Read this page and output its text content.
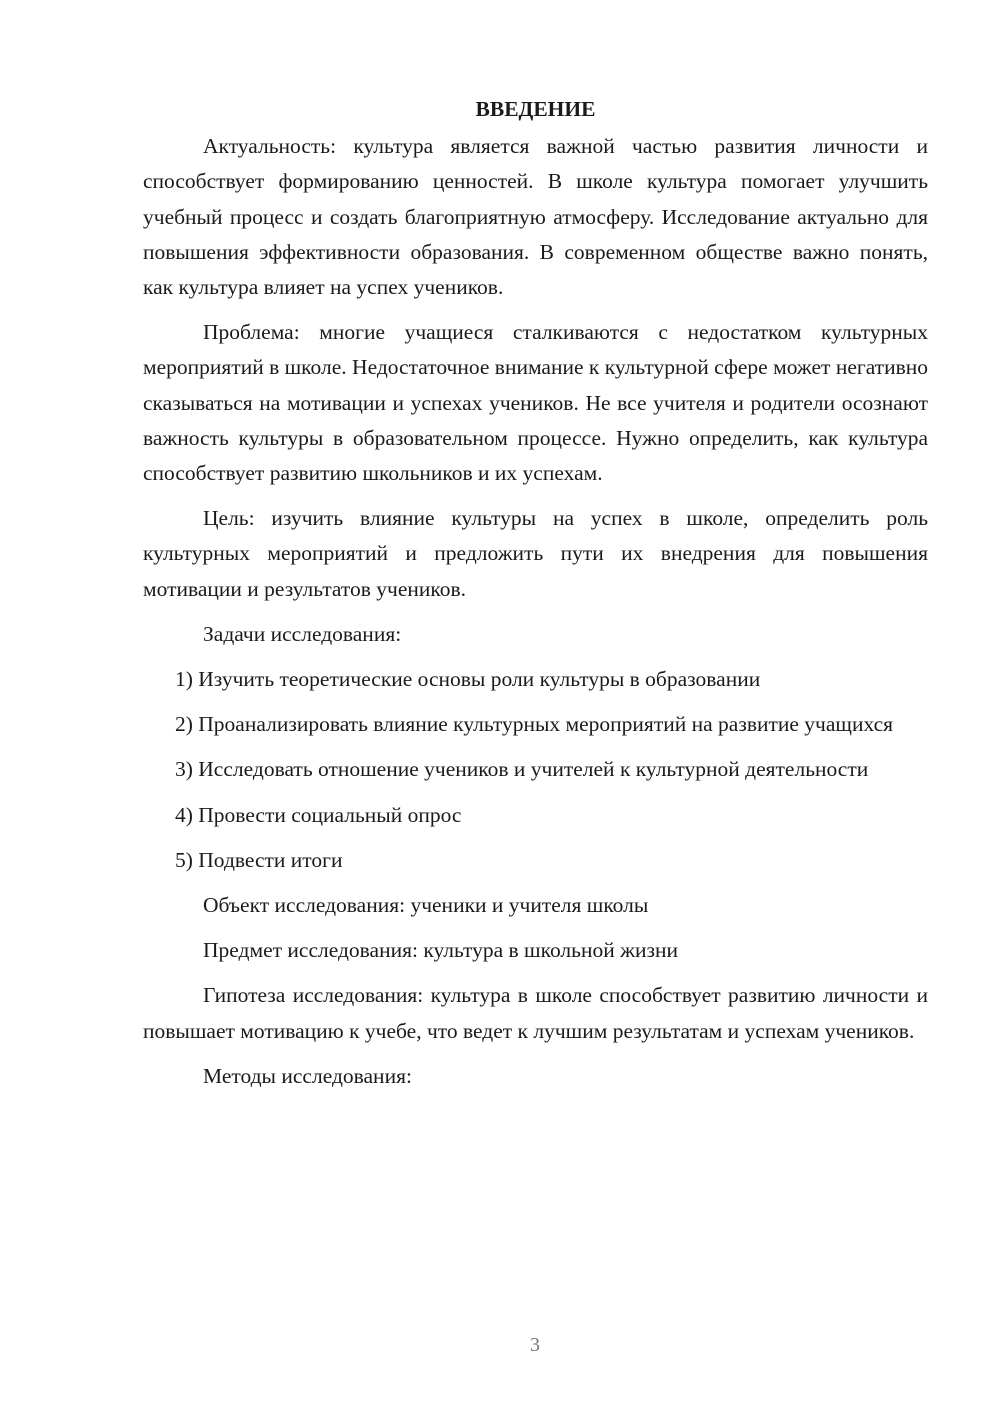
ВВЕДЕНИЕ

Актуальность: культура является важной частью развития личности и способствует формированию ценностей. В школе культура помогает улучшить учебный процесс и создать благоприятную атмосферу. Исследование актуально для повышения эффективности образования. В современном обществе важно понять, как культура влияет на успех учеников.

Проблема: многие учащиеся сталкиваются с недостатком культурных мероприятий в школе. Недостаточное внимание к культурной сфере может негативно сказываться на мотивации и успехах учеников. Не все учителя и родители осознают важность культуры в образовательном процессе. Нужно определить, как культура способствует развитию школьников и их успехам.

Цель: изучить влияние культуры на успех в школе, определить роль культурных мероприятий и предложить пути их внедрения для повышения мотивации и результатов учеников.

Задачи исследования:

1) Изучить теоретические основы роли культуры в образовании

2) Проанализировать влияние культурных мероприятий на развитие учащихся

3) Исследовать отношение учеников и учителей к культурной деятельности

4) Провести социальный опрос

5) Подвести итоги

Объект исследования: ученики и учителя школы

Предмет исследования: культура в школьной жизни

Гипотеза исследования: культура в школе способствует развитию личности и повышает мотивацию к учебе, что ведет к лучшим результатам и успехам учеников.

Методы исследования:

3
